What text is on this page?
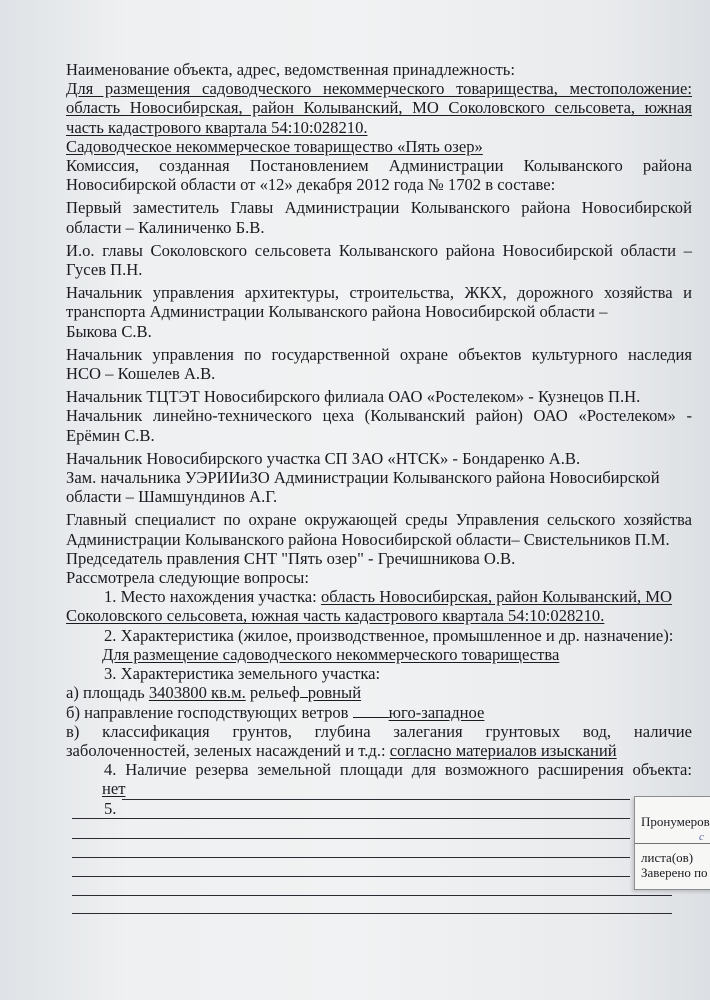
Наименование объекта, адрес, ведомственная принадлежность:
Для размещения садоводческого некоммерческого товарищества, местоположение:
область Новосибирская, район Колыванский, МО Соколовского сельсовета, южная
часть кадастрового квартала 54:10:028210.
Садоводческое некоммерческое товарищество «Пять озер»
Комиссия, созданная Постановлением Администрации Колыванского района
Новосибирской области от «12» декабря 2012 года № 1702 в составе:
Первый заместитель Главы Администрации Колыванского района Новосибирской
области – Калиниченко Б.В.
И.о. главы Соколовского сельсовета Колыванского района Новосибирской области –
Гусев П.Н.
Начальник управления архитектуры, строительства, ЖКХ, дорожного хозяйства и
транспорта Администрации Колыванского района Новосибирской области –
Быкова С.В.
Начальник управления по государственной охране объектов культурного наследия
НСО – Кошелев А.В.
Начальник ТЦТЭТ Новосибирского филиала ОАО «Ростелеком» - Кузнецов П.Н.
Начальник линейно-технического цеха (Колыванский район) ОАО «Ростелеком» -
Ерёмин С.В.
Начальник Новосибирского участка СП ЗАО «НТСК» - Бондаренко А.В.
Зам. начальника УЭРИИиЗО Администрации Колыванского района Новосибирской
области – Шамшундинов А.Г.
Главный специалист по охране окружающей среды Управления сельского хозяйства
Администрации Колыванского района Новосибирской области– Свистельников П.М.
Председатель правления СНТ "Пять озер" - Гречишникова О.В.
Рассмотрела следующие вопросы:
1. Место нахождения участка: область Новосибирская, район Колыванский, МО
Соколовского сельсовета, южная часть кадастрового квартала 54:10:028210.
2. Характеристика (жилое, производственное, промышленное и др. назначение):
Для размещение садоводческого некоммерческого товарищества
3. Характеристика земельного участка:
а) площадь 3403800 кв.м. рельеф ровный
б) направление господствующих ветров юго-западное
в) классификация грунтов, глубина залегания грунтовых вод, наличие
заболоченностей, зеленых насаждений и т.д.: согласно материалов изысканий
4. Наличие резерва земельной площади для возможного расширения объекта:
нет
5.
Пронумеров
с
листа(ов)
Заверено по
